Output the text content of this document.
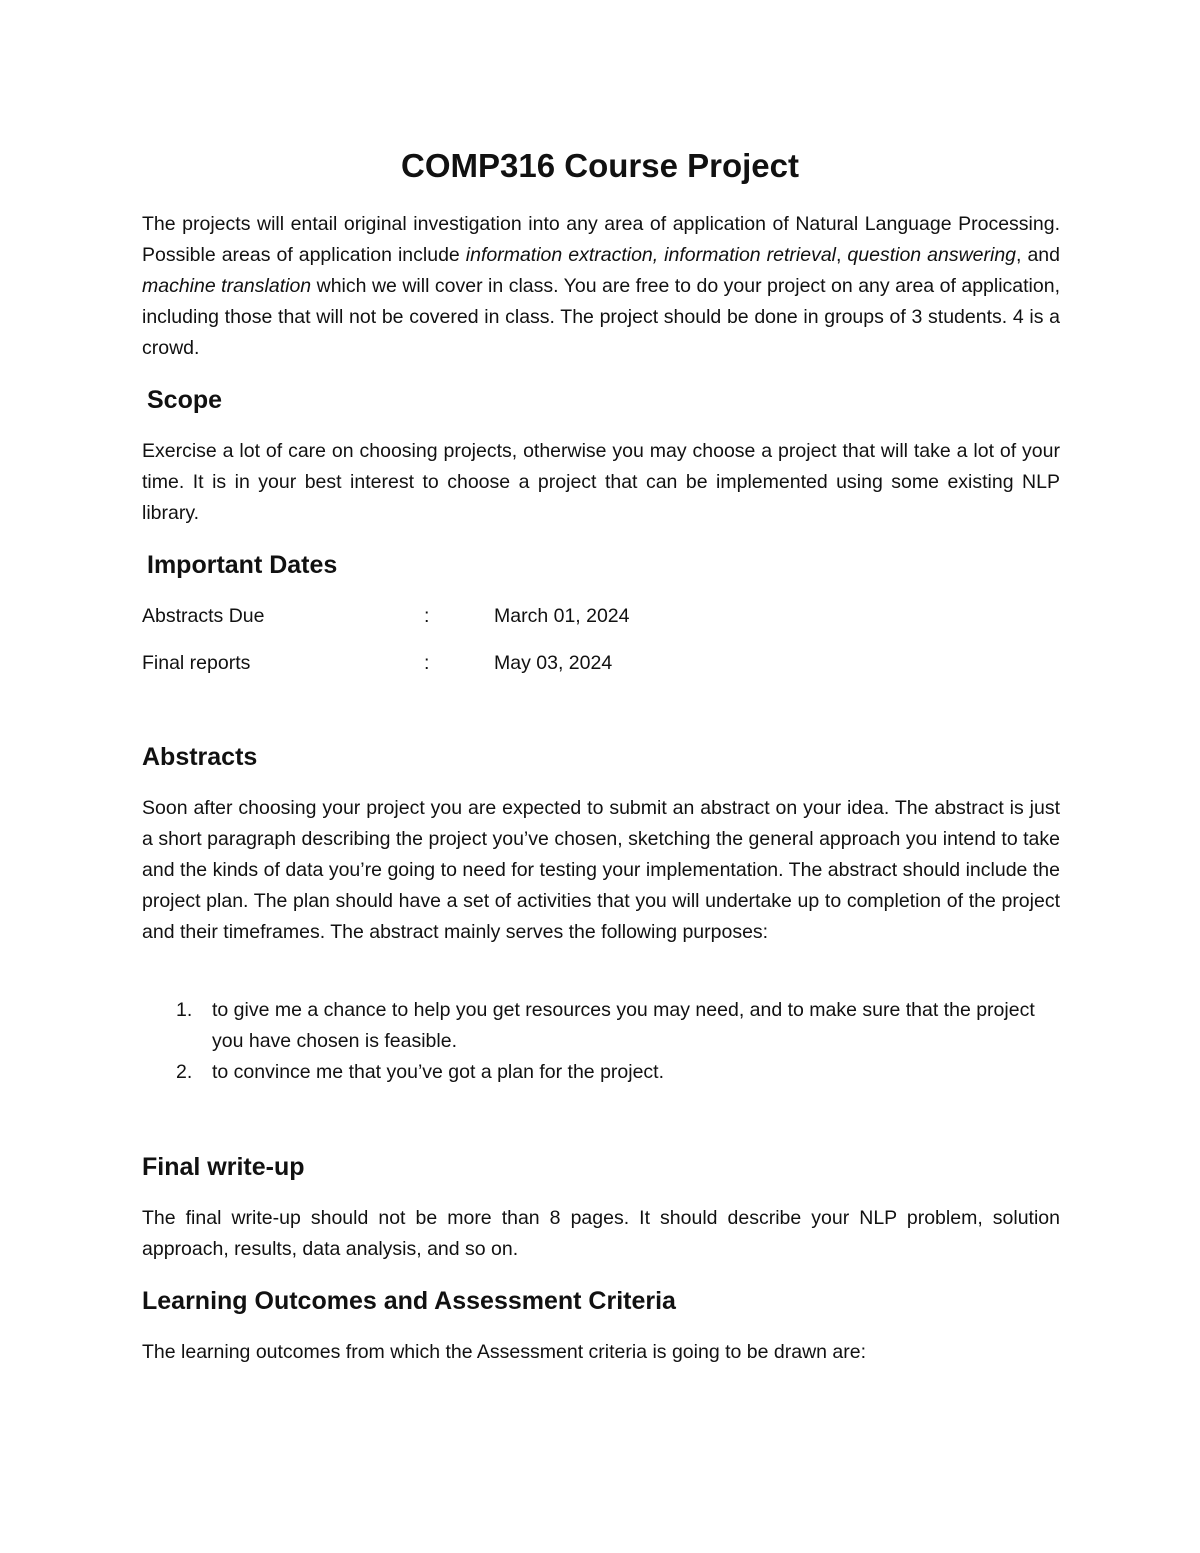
COMP316 Course Project

The projects will entail original investigation into any area of application of Natural Language Processing. Possible areas of application include information extraction, information retrieval, question answering, and machine translation which we will cover in class. You are free to do your project on any area of application, including those that will not be covered in class. The project should be done in groups of 3 students. 4 is a crowd.

Scope

Exercise a lot of care on choosing projects, otherwise you may choose a project that will take a lot of your time. It is in your best interest to choose a project that can be implemented using some existing NLP library.

Important Dates
Abstracts Due	:	March 01, 2024
Final reports	:	May 03, 2024
Abstracts

Soon after choosing your project you are expected to submit an abstract on your idea. The abstract is just a short paragraph describing the project you’ve chosen, sketching the general approach you intend to take and the kinds of data you’re going to need for testing your implementation. The abstract should include the project plan. The plan should have a set of activities that you will undertake up to completion of the project and their timeframes. The abstract mainly serves the following purposes:

1. to give me a chance to help you get resources you may need, and to make sure that the project you have chosen is feasible.
2. to convince me that you’ve got a plan for the project.
Final write-up

The final write-up should not be more than 8 pages. It should describe your NLP problem, solution approach, results, data analysis, and so on.

Learning Outcomes and Assessment Criteria

The learning outcomes from which the Assessment criteria is going to be drawn are:
